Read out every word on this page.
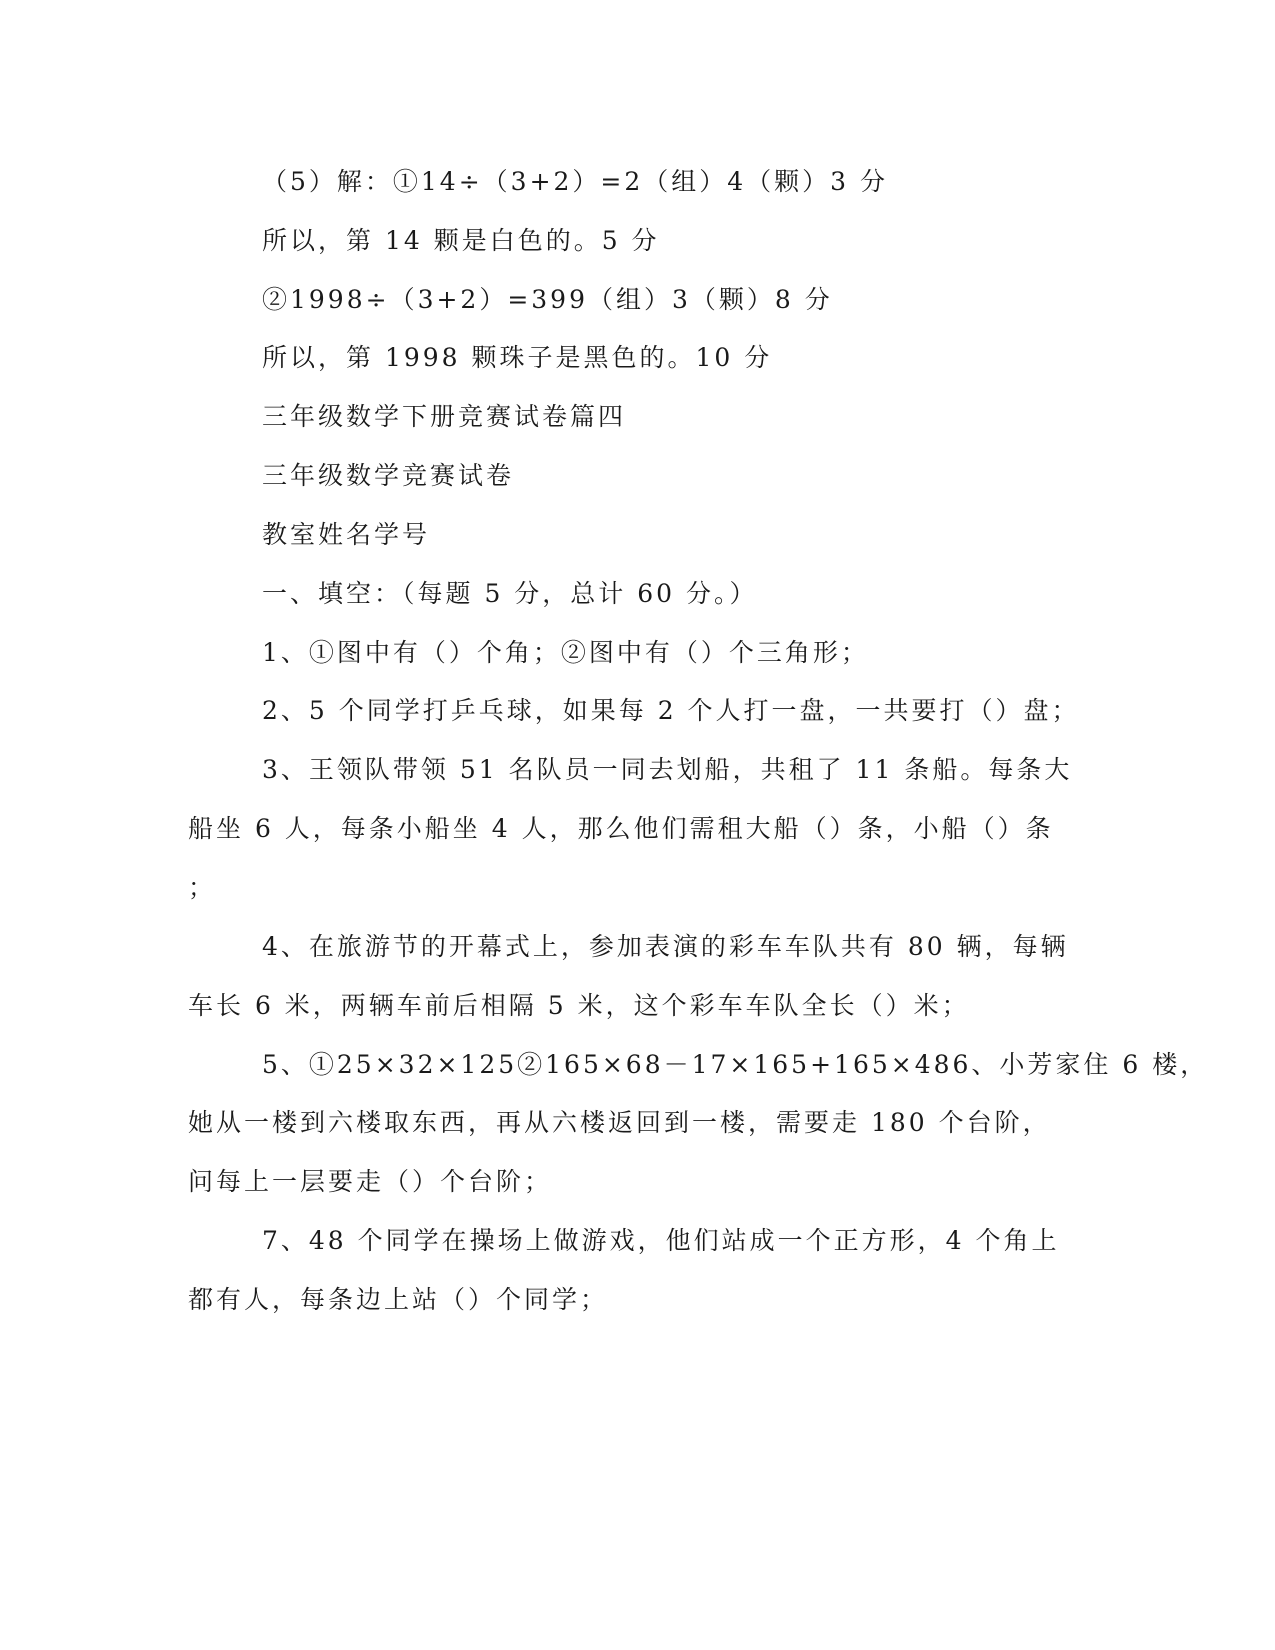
（5）解：①14÷（3+2）=2（组）4（颗）3 分
所以，第 14 颗是白色的。5 分
②1998÷（3+2）=399（组）3（颗）8 分
所以，第 1998 颗珠子是黑色的。10 分
三年级数学下册竞赛试卷篇四
三年级数学竞赛试卷
教室姓名学号
一、填空：（每题 5 分，总计 60 分。）
1、①图中有（）个角；②图中有（）个三角形；
2、5 个同学打乒乓球，如果每 2 个人打一盘，一共要打（）盘；
3、王领队带领 51 名队员一同去划船，共租了 11 条船。每条大
船坐 6 人，每条小船坐 4 人，那么他们需租大船（）条，小船（）条
；
4、在旅游节的开幕式上，参加表演的彩车车队共有 80 辆，每辆
车长 6 米，两辆车前后相隔 5 米，这个彩车车队全长（）米；
5、①25×32×125②165×68－17×165+165×486、小芳家住 6 楼，
她从一楼到六楼取东西，再从六楼返回到一楼，需要走 180 个台阶，
问每上一层要走（）个台阶；
7、48 个同学在操场上做游戏，他们站成一个正方形，4 个角上
都有人，每条边上站（）个同学；
